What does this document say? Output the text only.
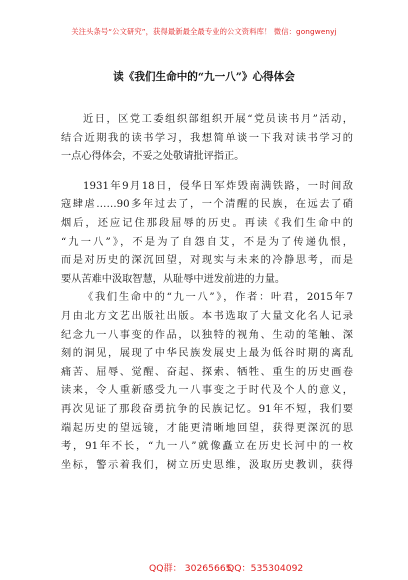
关注头条号“公文研究”，获得最新最全最专业的公文资料库！ 微信：gongwenyj
读《我们生命中的“九一八”》心得体会
近日，区党工委组织部组织开展“党员读书月”活动，
结合近期我的读书学习，我想简单谈一下我对读书学习的
一点心得体会，不妥之处敬请批评指正。
1931年9月18日，侵华日军炸毁南满铁路，一时间敌
寇肆虐……90多年过去了，一个清醒的民族，在远去了硝
烟后，还应记住那段屈辱的历史。再读《我们生命中的
“九一八”》，不是为了自怨自艾，不是为了传递仇恨，
而是对历史的深沉回望，对现实与未来的冷静思考，而是
要从苦难中汲取智慧，从耻辱中迸发前进的力量。
《我们生命中的“九一八”》，作者：叶君，2015年7
月由北方文艺出版社出版。本书选取了大量文化名人记录
纪念九一八事变的作品，以独特的视角、生动的笔触、深
刻的洞见，展现了中华民族发展史上最为低谷时期的离乱
痛苦、屈辱、觉醒、奋起、探索、牺牲、重生的历史画卷
读来，令人重新感受九一八事变之于时代及个人的意义，
再次见证了那段奋勇抗争的民族记忆。91年不短，我们要
端起历史的望远镜，才能更清晰地回望，获得更深沉的思
考，91年不长，“九一八”就像矗立在历史长河中的一枚
坐标，警示着我们，树立历史思维，汲取历史教训，获得
QQ群： 30265665
QQ：535304092
